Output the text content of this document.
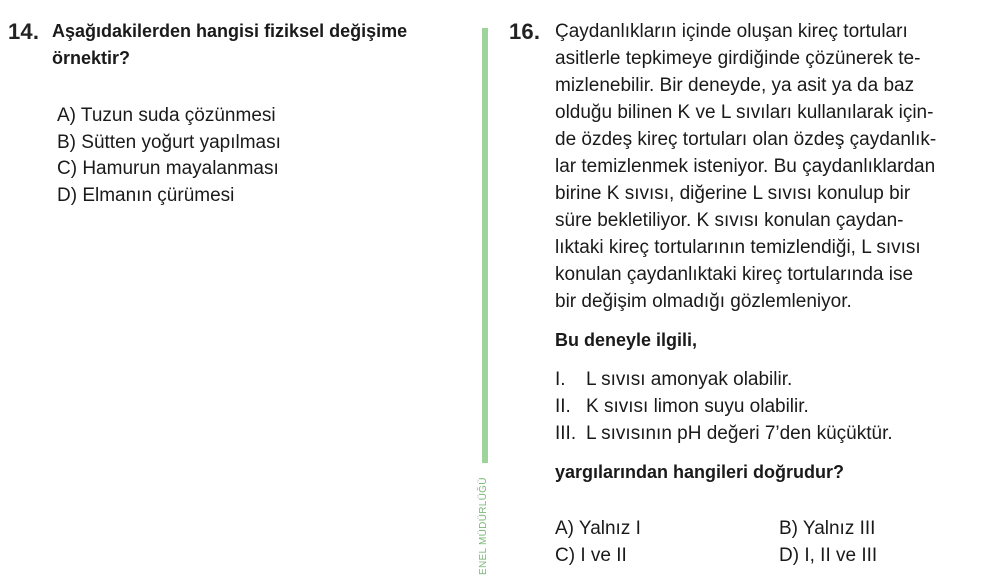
14. Aşağıdakilerden hangisi fiziksel değişime
örnektir?
A) Tuzun suda çözünmesi
B) Sütten yoğurt yapılması
C) Hamurun mayalanması
D) Elmanın çürümesi
ENEL MÜDÜRLÜĞÜ
16. Çaydanlıkların içinde oluşan kireç tortuları
asitlerle tepkimeye girdiğinde çözünerek te-
mizlenebilir. Bir deneyde, ya asit ya da baz
olduğu bilinen K ve L sıvıları kullanılarak için-
de özdeş kireç tortuları olan özdeş çaydanlık-
lar temizlenmek isteniyor. Bu çaydanlıklardan
birine K sıvısı, diğerine L sıvısı konulup bir
süre bekletiliyor. K sıvısı konulan çaydan-
lıktaki kireç tortularının temizlendiği, L sıvısı
konulan çaydanlıktaki kireç tortularında ise
bir değişim olmadığı gözlemleniyor.
Bu deneyle ilgili,
I. L sıvısı amonyak olabilir.
II. K sıvısı limon suyu olabilir.
III. L sıvısının pH değeri 7’den küçüktür.
yargılarından hangileri doğrudur?
A) Yalnız I	B) Yalnız III
C) I ve II	D) I, II ve III
